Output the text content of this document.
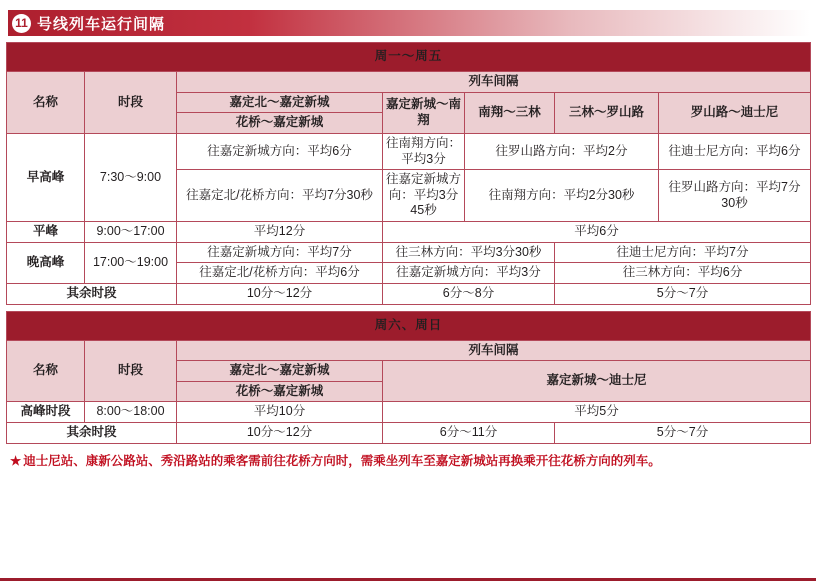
11 号线列车运行间隔
周一～周五						
名称	时段	列车间隔				
		嘉定北～嘉定新城	嘉定新城～南翔	南翔～三林	三林～罗山路	罗山路～迪士尼
		花桥～嘉定新城				
早高峰	7:30～9:00	往嘉定新城方向：平均6分	往南翔方向：平均3分	往罗山路方向：平均2分		往迪士尼方向：平均6分
		往嘉定北/花桥方向：平均7分30秒	往嘉定新城方向：平均3分45秒	往南翔方向：平均2分30秒		往罗山路方向：平均7分30秒
平峰	9:00～17:00	平均12分	平均6分			
晚高峰	17:00～19:00	往嘉定新城方向：平均7分	往三林方向：平均3分30秒		往迪士尼方向：平均7分	
		往嘉定北/花桥方向：平均6分	往嘉定新城方向：平均3分		往三林方向：平均6分	
其余时段		10分～12分	6分～8分		5分～7分	
周六、周日				
名称	时段	列车间隔		
		嘉定北～嘉定新城	嘉定新城～迪士尼	
		花桥～嘉定新城		
高峰时段	8:00～18:00	平均10分	平均5分	
其余时段		10分～12分	6分～11分	5分～7分
★ 迪士尼站、康新公路站、秀沿路站的乘客需前往花桥方向时，需乘坐列车至嘉定新城站再换乘开往花桥方向的列车。
